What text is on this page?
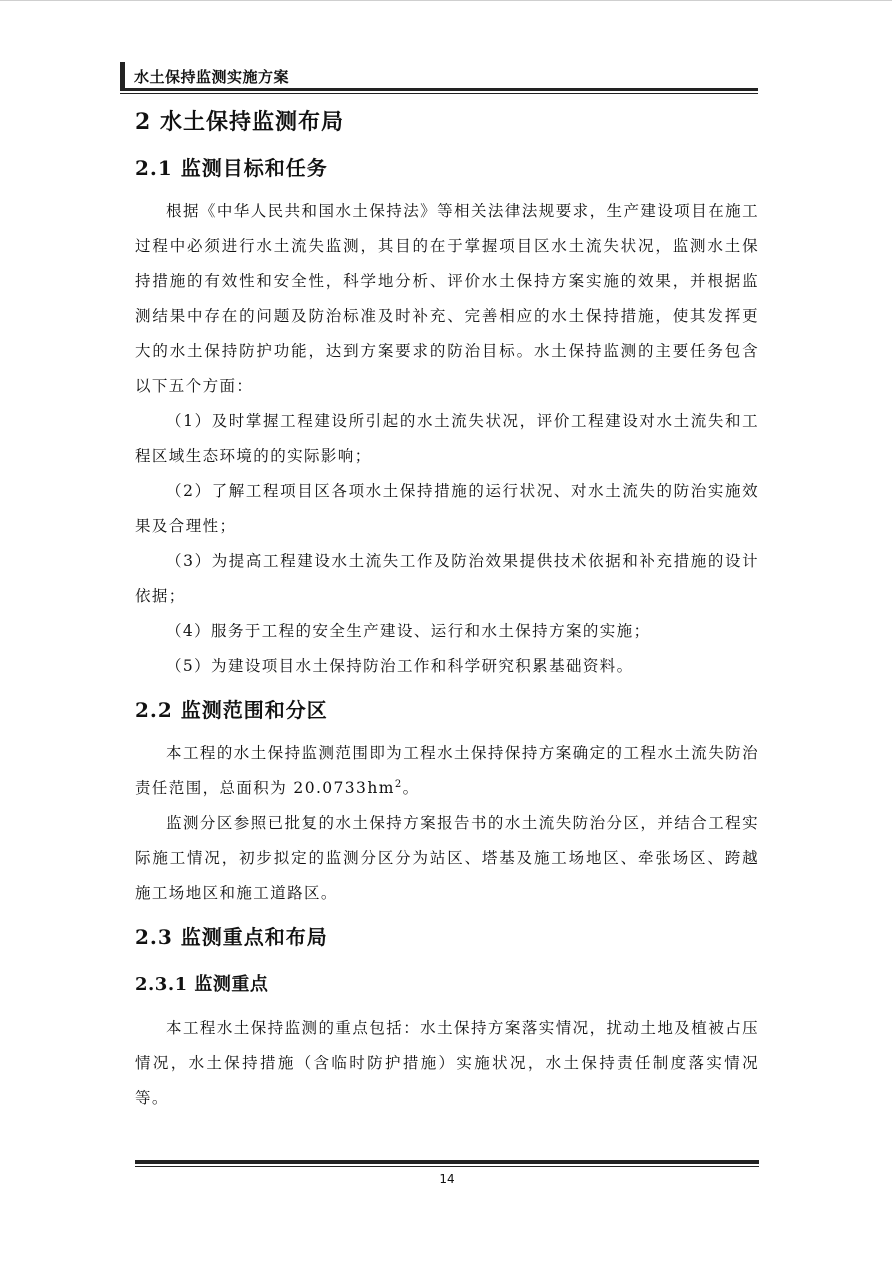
水土保持监测实施方案
2 水土保持监测布局
2.1 监测目标和任务

根据《中华人民共和国水土保持法》等相关法律法规要求，生产建设项目在施工过程中必须进行水土流失监测，其目的在于掌握项目区水土流失状况，监测水土保持措施的有效性和安全性，科学地分析、评价水土保持方案实施的效果，并根据监测结果中存在的问题及防治标准及时补充、完善相应的水土保持措施，使其发挥更大的水土保持防护功能，达到方案要求的防治目标。水土保持监测的主要任务包含以下五个方面：

（1）及时掌握工程建设所引起的水土流失状况，评价工程建设对水土流失和工程区域生态环境的的实际影响；

（2）了解工程项目区各项水土保持措施的运行状况、对水土流失的防治实施效果及合理性；

（3）为提高工程建设水土流失工作及防治效果提供技术依据和补充措施的设计依据；

（4）服务于工程的安全生产建设、运行和水土保持方案的实施；

（5）为建设项目水土保持防治工作和科学研究积累基础资料。

2.2 监测范围和分区

本工程的水土保持监测范围即为工程水土保持保持方案确定的工程水土流失防治责任范围，总面积为 $20.0733hm^2$。

监测分区参照已批复的水土保持方案报告书的水土流失防治分区，并结合工程实际施工情况，初步拟定的监测分区分为站区、塔基及施工场地区、牵张场区、跨越施工场地区和施工道路区。

2.3 监测重点和布局
2.3.1 监测重点

本工程水土保持监测的重点包括：水土保持方案落实情况，扰动土地及植被占压情况，水土保持措施（含临时防护措施）实施状况，水土保持责任制度落实情况等。

14
